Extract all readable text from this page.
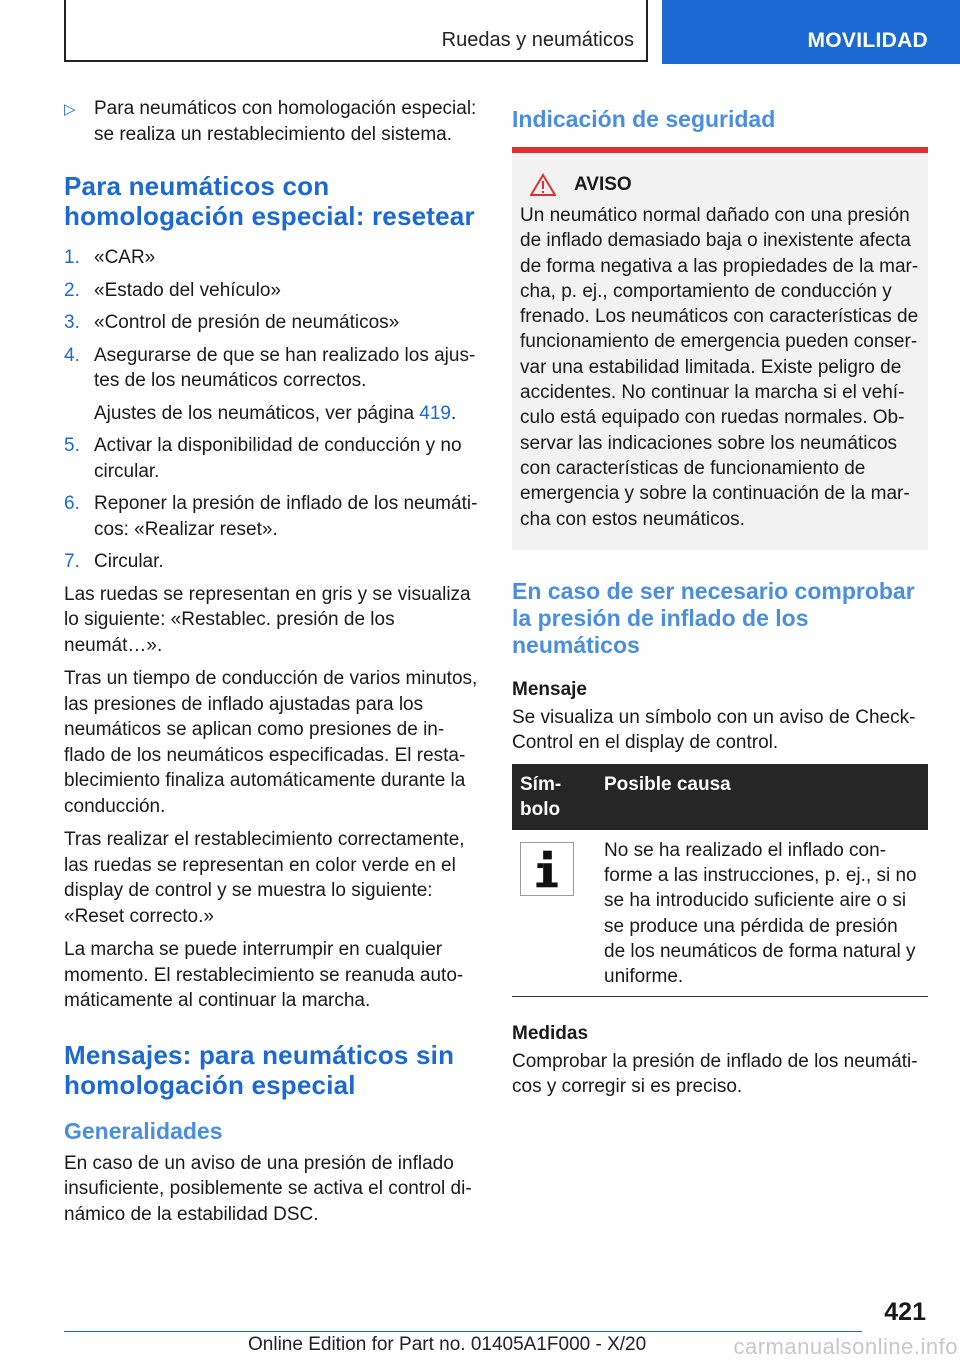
Ruedas y neumáticos	MOVILIDAD

▷ Para neumáticos con homologación especial: se realiza un restablecimiento del sistema.

Para neumáticos con homologación especial: resetear
1. «CAR»
2. «Estado del vehículo»
3. «Control de presión de neumáticos»
4. Asegurarse de que se han realizado los ajustes de los neumáticos correctos.
Ajustes de los neumáticos, ver página 419.
5. Activar la disponibilidad de conducción y no circular.
6. Reponer la presión de inflado de los neumáticos: «Realizar reset».
7. Circular.

Las ruedas se representan en gris y se visualiza lo siguiente: «Restablec. presión de los neumát…».

Tras un tiempo de conducción de varios minutos, las presiones de inflado ajustadas para los neumáticos se aplican como presiones de inflado de los neumáticos especificadas. El restablecimiento finaliza automáticamente durante la conducción.

Tras realizar el restablecimiento correctamente, las ruedas se representan en color verde en el display de control y se muestra lo siguiente: «Reset correcto.»

La marcha se puede interrumpir en cualquier momento. El restablecimiento se reanuda automáticamente al continuar la marcha.

Mensajes: para neumáticos sin homologación especial
Generalidades

En caso de un aviso de una presión de inflado insuficiente, posiblemente se activa el control dinámico de la estabilidad DSC.

Indicación de seguridad
AVISO

Un neumático normal dañado con una presión de inflado demasiado baja o inexistente afecta de forma negativa a las propiedades de la marcha, p. ej., comportamiento de conducción y frenado. Los neumáticos con características de funcionamiento de emergencia pueden conservar una estabilidad limitada. Existe peligro de accidentes. No continuar la marcha si el vehículo está equipado con ruedas normales. Observar las indicaciones sobre los neumáticos con características de funcionamiento de emergencia y sobre la continuación de la marcha con estos neumáticos.

En caso de ser necesario comprobar la presión de inflado de los neumáticos
Mensaje

Se visualiza un símbolo con un aviso de Check-Control en el display de control.

Símbolo	Posible causa

	No se ha realizado el inflado conforme a las instrucciones, p. ej., si no se ha introducido suficiente aire o si se produce una pérdida de presión de los neumáticos de forma natural y uniforme.
Medidas

Comprobar la presión de inflado de los neumáticos y corregir si es preciso.

421
Online Edition for Part no. 01405A1F000 - X/20	carmanualsonline.info
